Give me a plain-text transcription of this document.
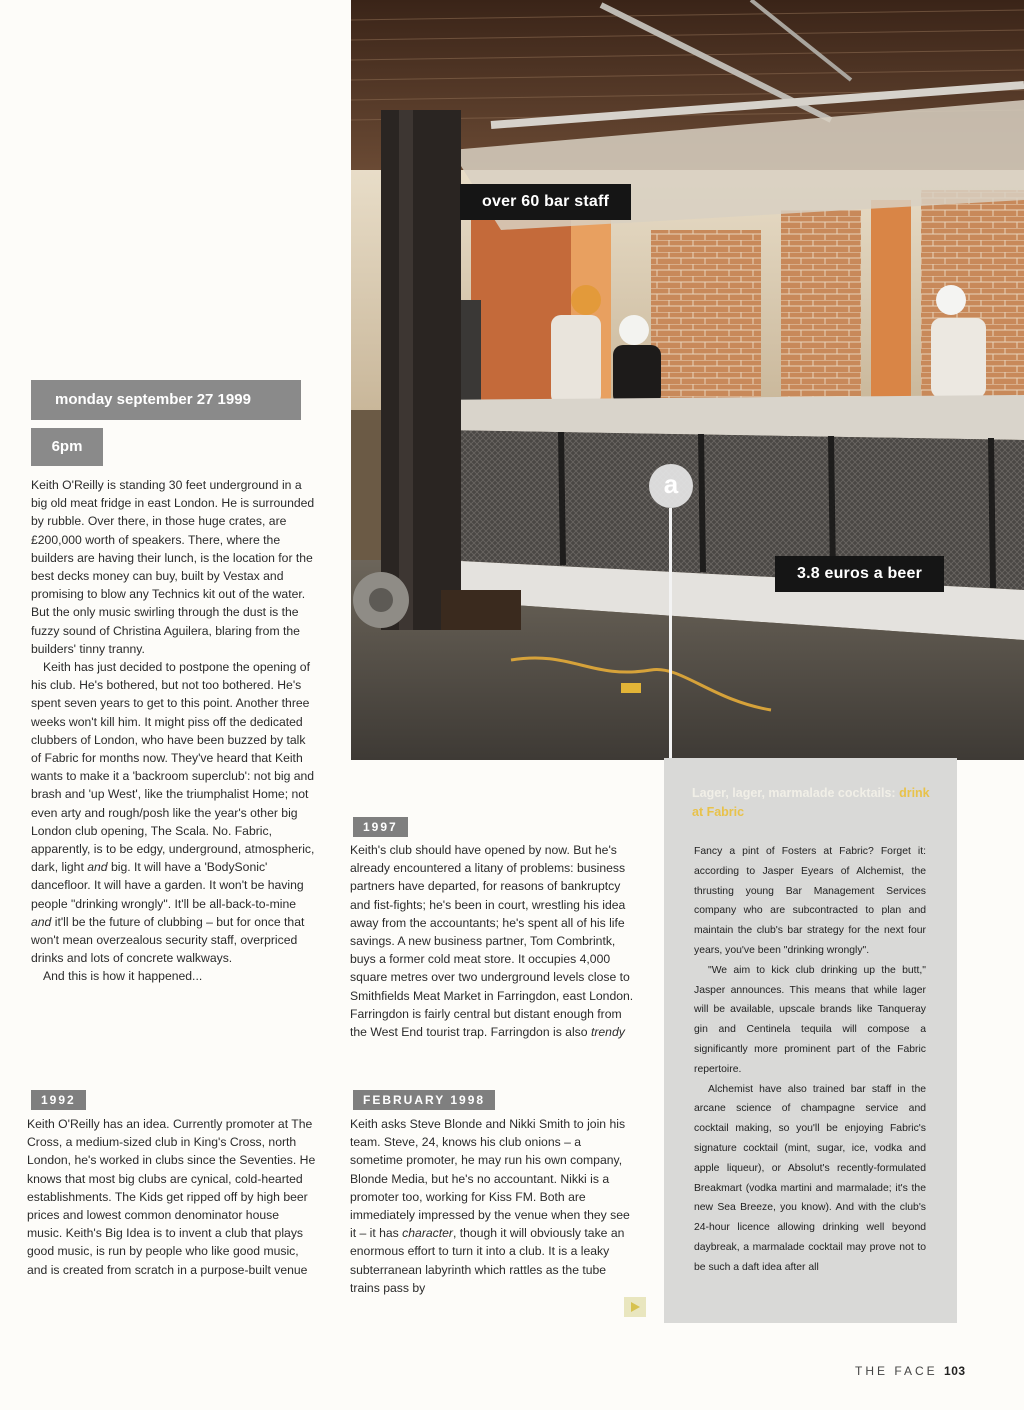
over 60 bar staff
a
3.8 euros a beer
monday september 27 1999
6pm

Keith O'Reilly is standing 30 feet underground in a big old meat fridge in east London. He is surrounded by rubble. Over there, in those huge crates, are £200,000 worth of speakers. There, where the builders are having their lunch, is the location for the best decks money can buy, built by Vestax and promising to blow any Technics kit out of the water. But the only music swirling through the dust is the fuzzy sound of Christina Aguilera, blaring from the builders' tinny tranny.

Keith has just decided to postpone the opening of his club. He's bothered, but not too bothered. He's spent seven years to get to this point. Another three weeks won't kill him. It might piss off the dedicated clubbers of London, who have been buzzed by talk of Fabric for months now. They've heard that Keith wants to make it a 'backroom superclub': not big and brash and 'up West', like the triumphalist Home; not even arty and rough/posh like the year's other big London club opening, The Scala. No. Fabric, apparently, is to be edgy, underground, atmospheric, dark, light and big. It will have a 'BodySonic' dancefloor. It will have a garden. It won't be having people "drinking wrongly". It'll be all-back-to-mine and it'll be the future of clubbing – but for once that won't mean overzealous security staff, overpriced drinks and lots of concrete walkways.

And this is how it happened...

1992

Keith O'Reilly has an idea. Currently promoter at The Cross, a medium-sized club in King's Cross, north London, he's worked in clubs since the Seventies. He knows that most big clubs are cynical, cold-hearted establishments. The Kids get ripped off by high beer prices and lowest common denominator house music. Keith's Big Idea is to invent a club that plays good music, is run by people who like good music, and is created from scratch in a purpose-built venue

1997

Keith's club should have opened by now. But he's already encountered a litany of problems: business partners have departed, for reasons of bankruptcy and fist-fights; he's been in court, wrestling his idea away from the accountants; he's spent all of his life savings. A new business partner, Tom Combrintk, buys a former cold meat store. It occupies 4,000 square metres over two underground levels close to Smithfields Meat Market in Farringdon, east London. Farringdon is fairly central but distant enough from the West End tourist trap. Farringdon is also trendy

FEBRUARY 1998

Keith asks Steve Blonde and Nikki Smith to join his team. Steve, 24, knows his club onions – a sometime promoter, he may run his own company, Blonde Media, but he's no accountant. Nikki is a promoter too, working for Kiss FM. Both are immediately impressed by the venue when they see it – it has character, though it will obviously take an enormous effort to turn it into a club. It is a leaky subterranean labyrinth which rattles as the tube trains pass by

Lager, lager, marmalade cocktails: drink at Fabric

Fancy a pint of Fosters at Fabric? Forget it: according to Jasper Eyears of Alchemist, the thrusting young Bar Management Services company who are subcontracted to plan and maintain the club's bar strategy for the next four years, you've been "drinking wrongly".

"We aim to kick club drinking up the butt," Jasper announces. This means that while lager will be available, upscale brands like Tanqueray gin and Centinela tequila will compose a significantly more prominent part of the Fabric repertoire.

Alchemist have also trained bar staff in the arcane science of champagne service and cocktail making, so you'll be enjoying Fabric's signature cocktail (mint, sugar, ice, vodka and apple liqueur), or Absolut's recently-formulated Breakmart (vodka martini and marmalade; it's the new Sea Breeze, you know). And with the club's 24-hour licence allowing drinking well beyond daybreak, a marmalade cocktail may prove not to be such a daft idea after all

THE FACE 103
